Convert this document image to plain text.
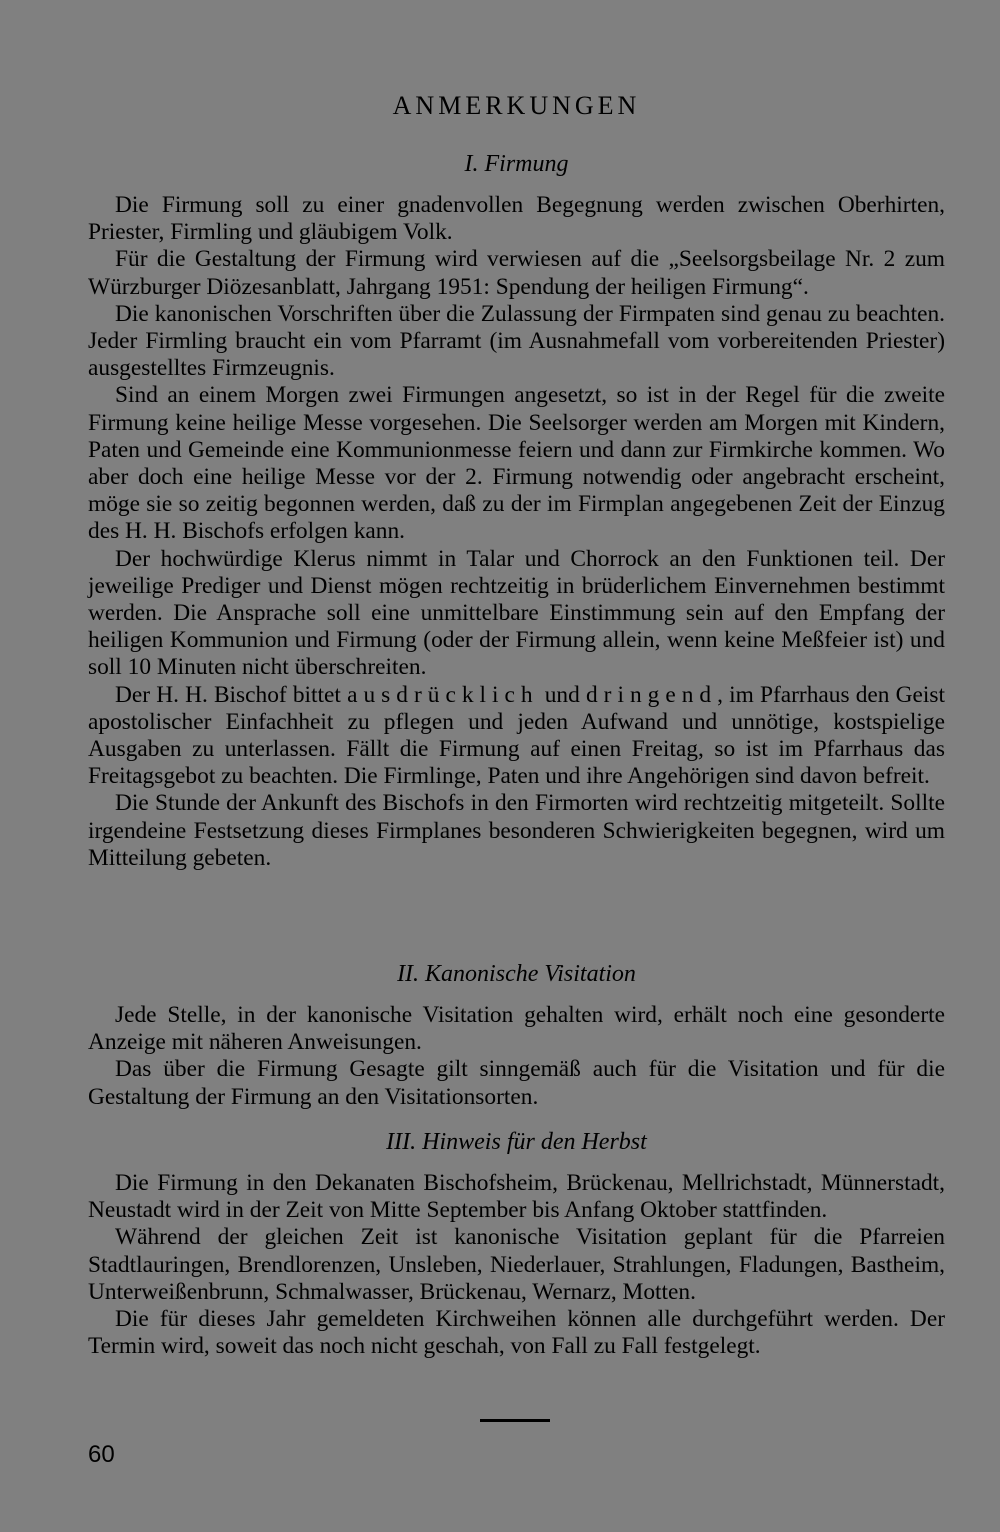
ANMERKUNGEN

I. Firmung

Die Firmung soll zu einer gnadenvollen Begegnung werden zwischen Oberhirten, Priester, Firmling und gläubigem Volk.

Für die Gestaltung der Firmung wird verwiesen auf die „Seelsorgsbeilage Nr. 2 zum Würzburger Diözesanblatt, Jahrgang 1951: Spendung der heiligen Firmung“.

Die kanonischen Vorschriften über die Zulassung der Firmpaten sind genau zu beachten. Jeder Firmling braucht ein vom Pfarramt (im Ausnahmefall vom vorbereitenden Priester) ausgestelltes Firmzeugnis.

Sind an einem Morgen zwei Firmungen angesetzt, so ist in der Regel für die zweite Firmung keine heilige Messe vorgesehen. Die Seelsorger werden am Morgen mit Kindern, Paten und Gemeinde eine Kommunionmesse feiern und dann zur Firmkirche kommen. Wo aber doch eine heilige Messe vor der 2. Firmung notwendig oder angebracht erscheint, möge sie so zeitig begonnen werden, daß zu der im Firmplan angegebenen Zeit der Einzug des H. H. Bischofs erfolgen kann.

Der hochwürdige Klerus nimmt in Talar und Chorrock an den Funktionen teil. Der jeweilige Prediger und Dienst mögen rechtzeitig in brüderlichem Einvernehmen bestimmt werden. Die Ansprache soll eine unmittelbare Einstimmung sein auf den Empfang der heiligen Kommunion und Firmung (oder der Firmung allein, wenn keine Meßfeier ist) und soll 10 Minuten nicht überschreiten.

Der H. H. Bischof bittet ausdrücklich und dringend, im Pfarrhaus den Geist apostolischer Einfachheit zu pflegen und jeden Aufwand und unnötige, kostspielige Ausgaben zu unterlassen. Fällt die Firmung auf einen Freitag, so ist im Pfarrhaus das Freitagsgebot zu beachten. Die Firmlinge, Paten und ihre Angehörigen sind davon befreit.

Die Stunde der Ankunft des Bischofs in den Firmorten wird rechtzeitig mitgeteilt. Sollte irgendeine Festsetzung dieses Firmplanes besonderen Schwierigkeiten begegnen, wird um Mitteilung gebeten.

II. Kanonische Visitation

Jede Stelle, in der kanonische Visitation gehalten wird, erhält noch eine gesonderte Anzeige mit näheren Anweisungen.

Das über die Firmung Gesagte gilt sinngemäß auch für die Visitation und für die Gestaltung der Firmung an den Visitationsorten.

III. Hinweis für den Herbst

Die Firmung in den Dekanaten Bischofsheim, Brückenau, Mellrichstadt, Münnerstadt, Neustadt wird in der Zeit von Mitte September bis Anfang Oktober stattfinden.

Während der gleichen Zeit ist kanonische Visitation geplant für die Pfarreien Stadtlauringen, Brendlorenzen, Unsleben, Niederlauer, Strahlungen, Fladungen, Bastheim, Unterweißenbrunn, Schmalwasser, Brückenau, Wernarz, Motten.

Die für dieses Jahr gemeldeten Kirchweihen können alle durchgeführt werden. Der Termin wird, soweit das noch nicht geschah, von Fall zu Fall festgelegt.

60
